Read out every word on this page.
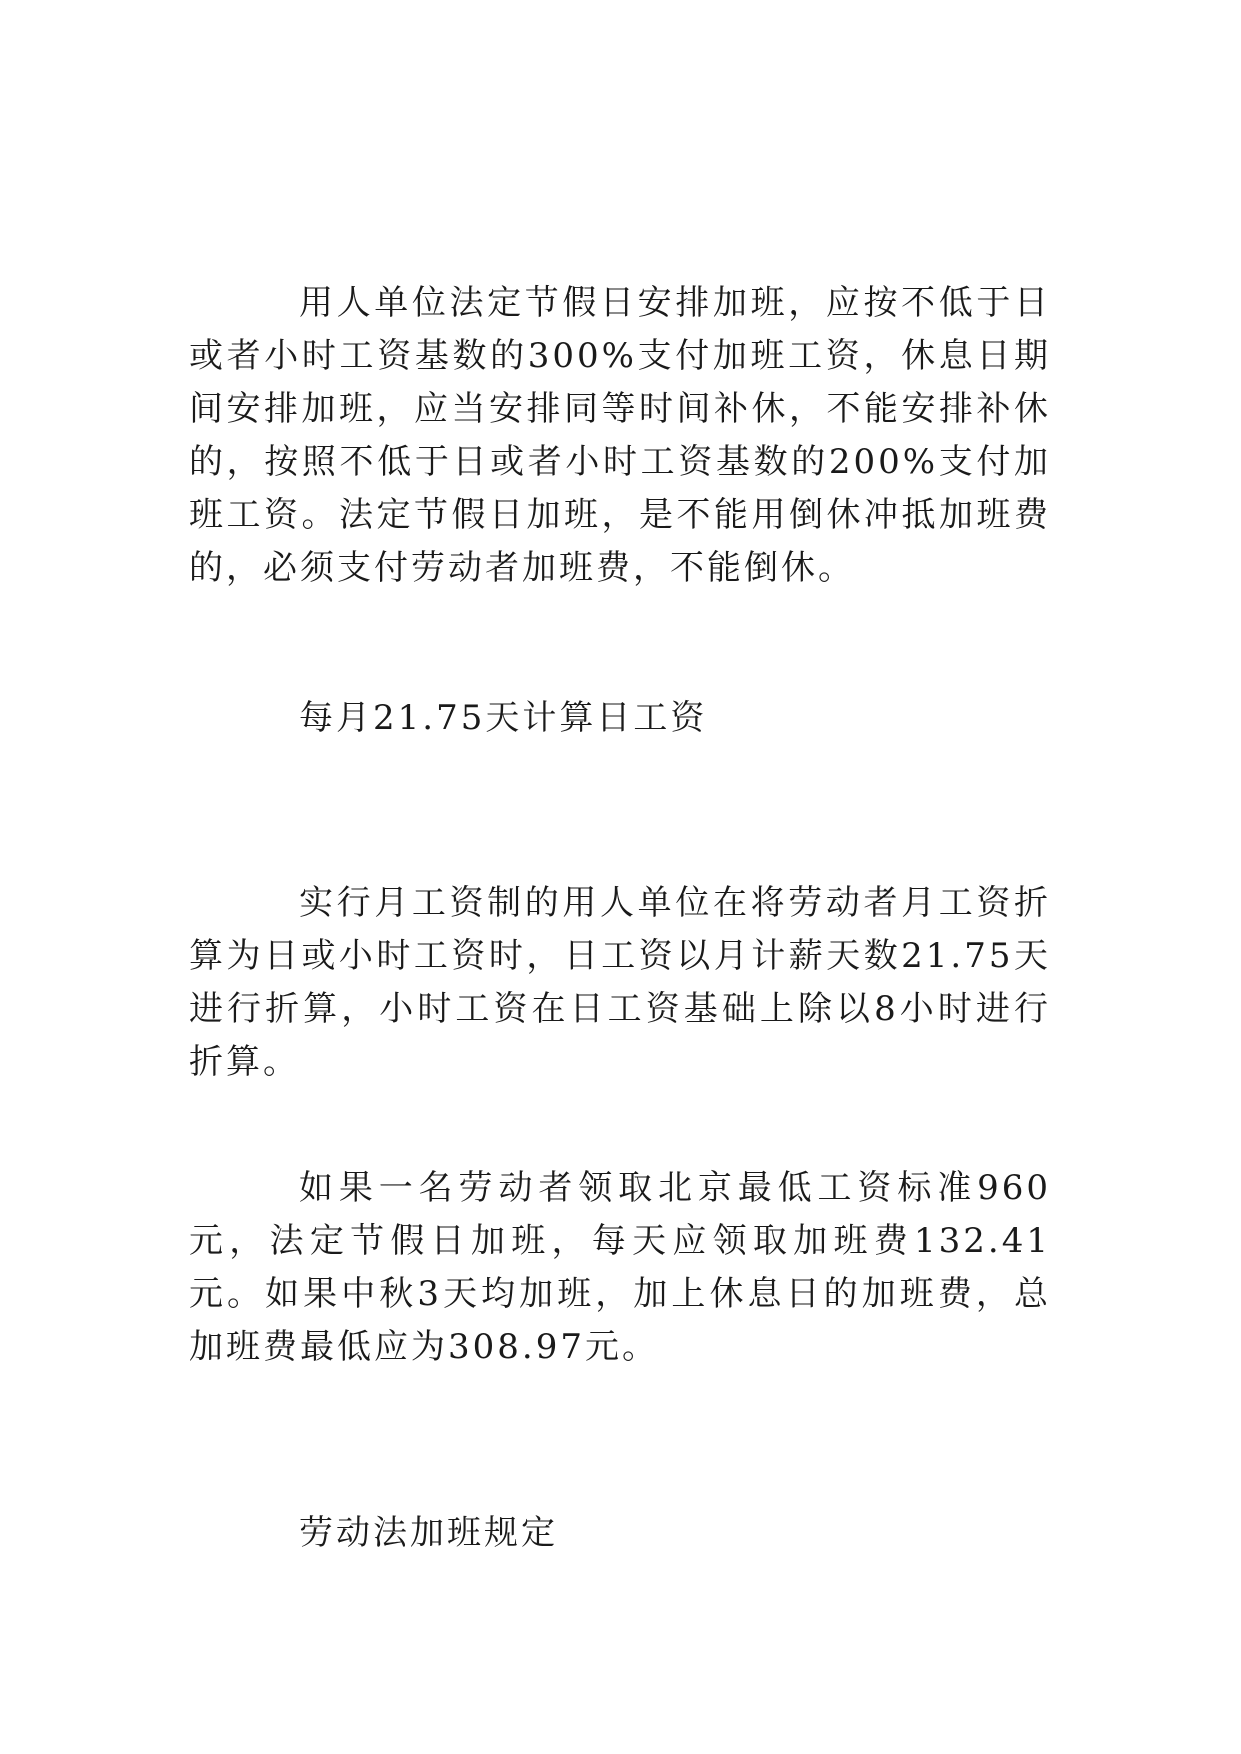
用人单位法定节假日安排加班，应按不低于日或者小时工资基数的300%支付加班工资，休息日期间安排加班，应当安排同等时间补休，不能安排补休的，按照不低于日或者小时工资基数的200%支付加班工资。法定节假日加班，是不能用倒休冲抵加班费的，必须支付劳动者加班费，不能倒休。

每月21.75天计算日工资

实行月工资制的用人单位在将劳动者月工资折算为日或小时工资时，日工资以月计薪天数21.75天进行折算，小时工资在日工资基础上除以8小时进行折算。

如果一名劳动者领取北京最低工资标准960元，法定节假日加班，每天应领取加班费132.41元。如果中秋3天均加班，加上休息日的加班费，总加班费最低应为308.97元。

劳动法加班规定
